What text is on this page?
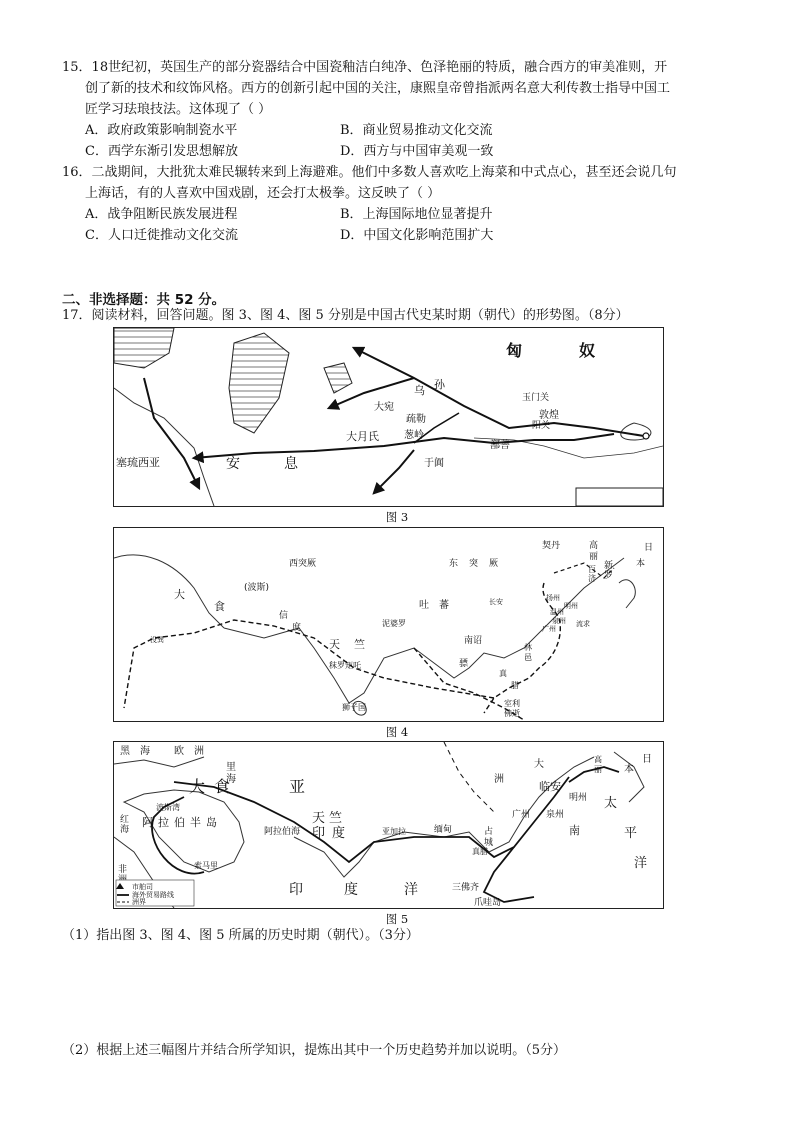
15．18世纪初，英国生产的部分瓷器结合中国瓷釉洁白纯净、色泽艳丽的特质，融合西方的审美准则，开
创了新的技术和纹饰风格。西方的创新引起中国的关注，康熙皇帝曾指派两名意大利传教士指导中国工
匠学习珐琅技法。这体现了（ ）
A．政府政策影响制瓷水平	B．商业贸易推动文化交流
C．西学东渐引发思想解放	D．西方与中国审美观一致
16．二战期间，大批犹太难民辗转来到上海避难。他们中多数人喜欢吃上海菜和中式点心，甚至还会说几句
上海话，有的人喜欢中国戏剧，还会打太极拳。这反映了（ ）
A．战争阻断民族发展进程	B．上海国际地位显著提升
C．人口迁徙推动文化交流	D．中国文化影响范围扩大
二、非选择题：共 52 分。
17．阅读材料，回答问题。图 3、图 4、图 5 分别是中国古代史某时期（朝代）的形势图。（8分）
匈	奴
乌 孙
大宛
疏勒
葱岭
大月氏
鄯善
于阗
玉门关
敦煌
阳关
塞琉西亚	安	息
图 3
契丹	高
丽
新
罗
百
济
本
日
西突厥	东 突 厥
大
食
(波斯)
信
度
吐 蕃	长安	扬州
温州
明州
泉州
广州
流求
天 竺
泥婆罗
南诏
秣罗矩吒	骠
林
邑
真
腊
狮子国	室利
佛逝
没巽
图 4
黑 海 欧 洲
里
海
大 食	亚
天 竺
印 度
波斯湾
阿 拉 伯 半 岛
红
海	阿拉伯海	亚加拉	缅甸
印	度	洋
临安
明州
泉州
广州
占
城
南
真腊
三佛齐
爪哇岛
太
平
洋
日
本
高
丽
大
洲
非	索马里
市舶司
海外贸易路线
洲界
图 5
（1）指出图 3、图 4、图 5 所属的历史时期（朝代）。（3分）
（2）根据上述三幅图片并结合所学知识，提炼出其中一个历史趋势并加以说明。（5分）
